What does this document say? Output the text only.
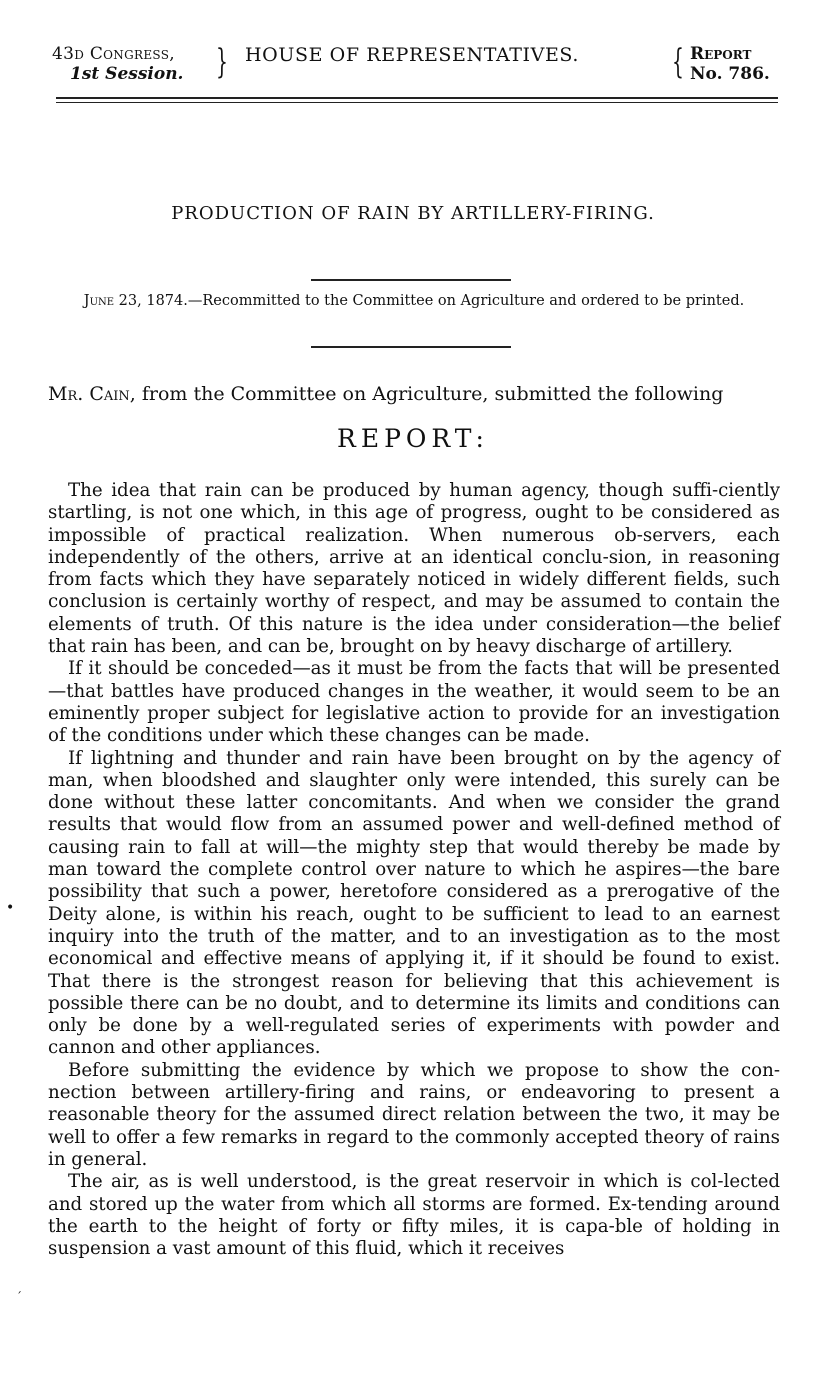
43d Congress,
1st Session. } HOUSE OF REPRESENTATIVES.	{ Report
No. 786.
PRODUCTION OF RAIN BY ARTILLERY-FIRING.
June 23, 1874.—Recommitted to the Committee on Agriculture and ordered to be printed.
Mr. Cain, from the Committee on Agriculture, submitted the following
REPORT:

The idea that rain can be produced by human agency, though suffi-ciently startling, is not one which, in this age of progress, ought to be considered as impossible of practical realization. When numerous ob-servers, each independently of the others, arrive at an identical conclu-sion, in reasoning from facts which they have separately noticed in widely different fields, such conclusion is certainly worthy of respect, and may be assumed to contain the elements of truth. Of this nature is the idea under consideration—the belief that rain has been, and can be, brought on by heavy discharge of artillery.

If it should be conceded—as it must be from the facts that will be presented—that battles have produced changes in the weather, it would seem to be an eminently proper subject for legislative action to provide for an investigation of the conditions under which these changes can be made.

If lightning and thunder and rain have been brought on by the agency of man, when bloodshed and slaughter only were intended, this surely can be done without these latter concomitants. And when we consider the grand results that would flow from an assumed power and well-defined method of causing rain to fall at will—the mighty step that would thereby be made by man toward the complete control over nature to which he aspires—the bare possibility that such a power, heretofore considered as a prerogative of the Deity alone, is within his reach, ought to be sufficient to lead to an earnest inquiry into the truth of the matter, and to an investigation as to the most economical and effective means of applying it, if it should be found to exist. That there is the strongest reason for believing that this achievement is possible there can be no doubt, and to determine its limits and conditions can only be done by a well-regulated series of experiments with powder and cannon and other appliances.

Before submitting the evidence by which we propose to show the con-nection between artillery-firing and rains, or endeavoring to present a reasonable theory for the assumed direct relation between the two, it may be well to offer a few remarks in regard to the commonly accepted theory of rains in general.

The air, as is well understood, is the great reservoir in which is col-lected and stored up the water from which all storms are formed. Ex-tending around the earth to the height of forty or fifty miles, it is capa-ble of holding in suspension a vast amount of this fluid, which it receives

•
ˊ
